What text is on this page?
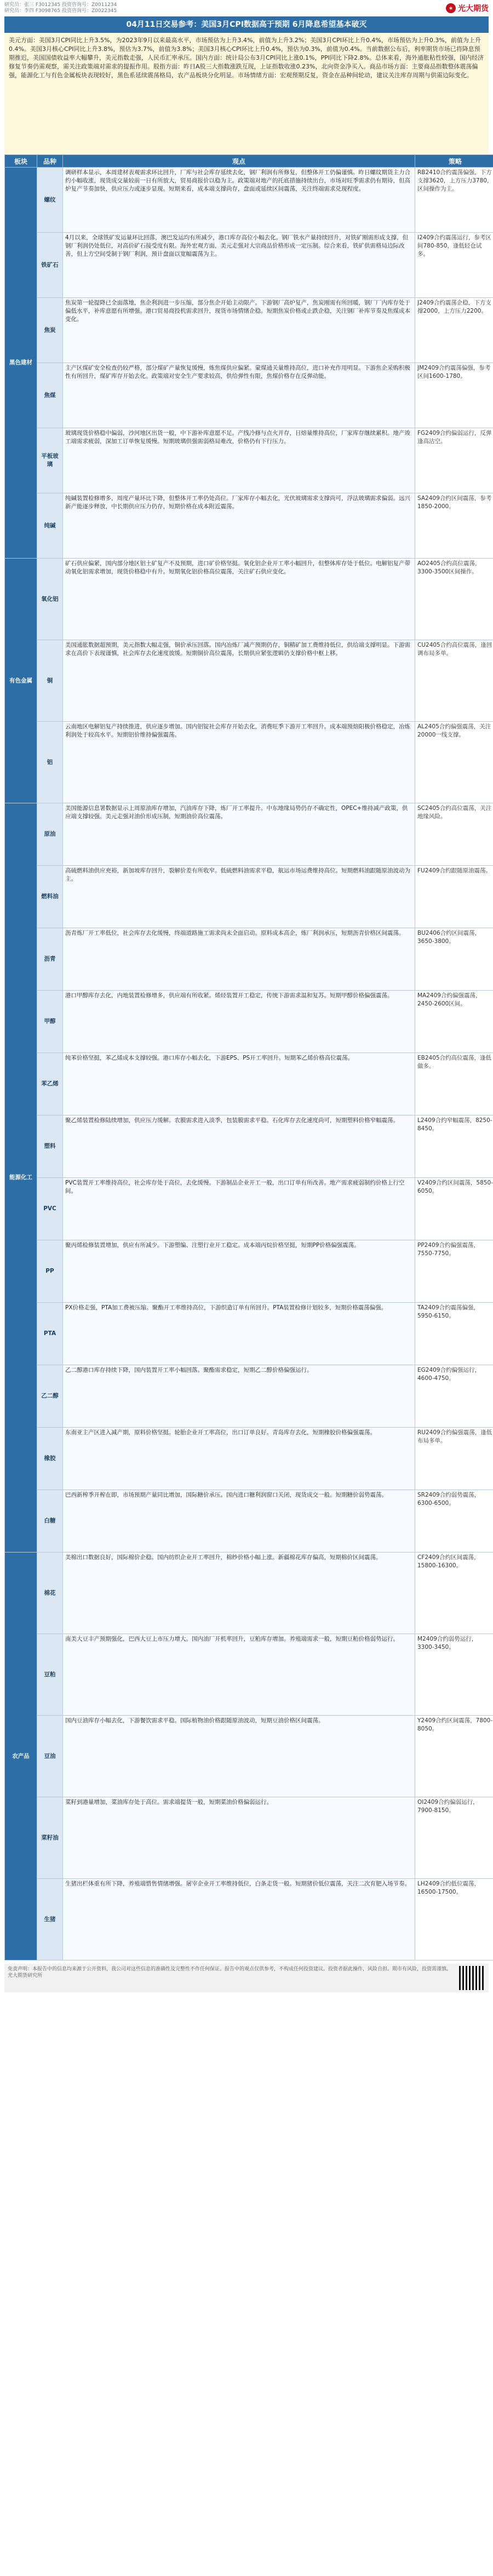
研究员：张三 F3012345 投资咨询号：Z0011234
研究员：李四 F3098765 投资咨询号：Z0022345	✶ 光大期货
04月11日交易参考：美国3月CPI数据高于预期 6月降息希望基本破灭
美元方面：美国3月CPI同比上升3.5%，为2023年9月以来最高水平，市场预估为上升3.4%，前值为上升3.2%；美国3月CPI环比上升0.4%，市场预估为上升0.3%，前值为上升0.4%。美国3月核心CPI同比上升3.8%，预估为3.7%，前值为3.8%；美国3月核心CPI环比上升0.4%，预估为0.3%，前值为0.4%。当前数据公布后，利率期货市场已将降息预期推迟，美国国债收益率大幅攀升，美元指数走强，人民币汇率承压。国内方面：统计局公布3月CPI同比上涨0.1%，PPI同比下降2.8%。总体来看，海外通胀粘性较强，国内经济修复节奏仍需观察，需关注政策端对需求的提振作用。股指方面：昨日A股三大指数涨跌互现，上证指数收涨0.23%，北向资金净买入。商品市场方面：主要商品指数整体震荡偏强，能源化工与有色金属板块表现较好，黑色系延续震荡格局，农产品板块分化明显。市场情绪方面：宏观预期反复，资金在品种间轮动，建议关注库存周期与供需边际变化。
板块	品种	观点	策略
黑色建材	螺纹	调研样本显示，本周建材表观需求环比回升，厂库与社会库存延续去化，钢厂利润有所修复，但整体开工仍偏谨慎。昨日螺纹期货主力合约小幅收涨，现货成交量较前一日有所放大，贸易商报价以稳为主。政策端对地产的托底措施持续出台，市场对旺季需求仍有期待，但高炉复产节奏加快，供应压力或逐步显现。短期来看，成本端支撑尚存，盘面或延续区间震荡，关注终端需求兑现程度。	RB2410合约震荡偏强，下方支撑3620，上方压力3780，区间操作为主。

	铁矿石	4月以来，全球铁矿发运量环比回落，澳巴发运均有所减少，港口库存高位小幅去化。钢厂铁水产量持续回升，对铁矿刚需形成支撑，但钢厂利润仍处低位，对高价矿石接受度有限。海外宏观方面，美元走强对大宗商品价格形成一定压制。综合来看，铁矿供需格局边际改善，但上方空间受制于钢厂利润，预计盘面以宽幅震荡为主。	I2409合约震荡运行，参考区间780-850，逢低轻仓试多。

	焦炭	焦炭第一轮提降已全面落地，焦企利润进一步压缩，部分焦企开始主动限产。下游钢厂高炉复产，焦炭刚需有所回暖，钢厂厂内库存处于偏低水平，补库意愿有所增强。港口贸易商投机需求回升，现货市场情绪企稳。短期焦炭价格或止跌企稳，关注钢厂补库节奏及焦煤成本变化。	J2409合约震荡企稳，下方支撑2000，上方压力2200。

	焦煤	主产区煤矿安全检查仍较严格，部分煤矿产量恢复缓慢，炼焦煤供应偏紧。蒙煤通关量维持高位，进口补充作用明显。下游焦企采购积极性有所回升，煤矿库存开始去化。政策端对安全生产要求较高，供给弹性有限，焦煤价格存在反弹动能。	JM2409合约震荡偏强，参考区间1600-1780。

	平板玻璃	玻璃现货价格稳中偏弱，沙河地区出货一般，中下游补库意愿不足。产线冷修与点火并存，日熔量维持高位，厂家库存继续累积。地产竣工端需求疲弱，深加工订单恢复缓慢。短期玻璃供强需弱格局难改，价格仍有下行压力。	FG2409合约偏弱运行，反弹逢高沽空。

	纯碱	纯碱装置检修增多，周度产量环比下降，但整体开工率仍处高位。厂家库存小幅去化，光伏玻璃需求支撑尚可，浮法玻璃需求偏弱。远兴新产能逐步释放，中长期供应压力仍存，短期价格在成本附近震荡。	SA2409合约区间震荡，参考1850-2000。

有色金属	氧化铝	矿石供应偏紧，国内部分地区铝土矿复产不及预期，进口矿价格坚挺。氧化铝企业开工率小幅回升，但整体库存处于低位。电解铝复产带动氧化铝需求增加，现货价格稳中有升。短期氧化铝价格高位震荡，关注矿石供应变化。	AO2405合约高位震荡，3300-3500区间操作。

	铜	美国通胀数据超预期，美元指数大幅走强，铜价承压回落。国内冶炼厂减产预期仍存，铜精矿加工费维持低位，供给端支撑明显。下游需求在高价下表现谨慎，社会库存去化速度放缓。短期铜价高位震荡，长期供应紧张逻辑仍支撑价格中枢上移。	CU2405合约高位震荡，逢回调布局多单。

	铝	云南地区电解铝复产持续推进，供应逐步增加。国内铝锭社会库存开始去化，消费旺季下游开工率回升。成本端预焙阳极价格稳定，冶炼利润处于较高水平。短期铝价维持偏强震荡。	AL2405合约偏强震荡，关注20000一线支撑。

能源化工	原油	美国能源信息署数据显示上周原油库存增加，汽油库存下降，炼厂开工率提升。中东地缘局势仍存不确定性，OPEC+维持减产政策，供应端支撑较强。美元走强对油价形成压制，短期油价高位震荡。	SC2405合约高位震荡，关注地缘风险。

	燃料油	高硫燃料油供应充裕，新加坡库存回升，裂解价差有所收窄。低硫燃料油需求平稳，航运市场运费维持高位。短期燃料油跟随原油波动为主。	FU2409合约跟随原油震荡。

	沥青	沥青炼厂开工率低位，社会库存去化缓慢，终端道路施工需求尚未全面启动。原料成本高企，炼厂利润承压，短期沥青价格区间震荡。	BU2406合约区间震荡，3650-3800。

	甲醇	港口甲醇库存去化，内地装置检修增多，供应端有所收紧。烯烃装置开工稳定，传统下游需求温和复苏。短期甲醇价格偏强震荡。	MA2409合约偏强震荡，2450-2600区间。

	苯乙烯	纯苯价格坚挺，苯乙烯成本支撑较强。港口库存小幅去化，下游EPS、PS开工率回升。短期苯乙烯价格高位震荡。	EB2405合约高位震荡，逢低做多。

	塑料	聚乙烯装置检修陆续增加，供应压力缓解。农膜需求进入淡季，包装膜需求平稳。石化库存去化速度尚可，短期塑料价格窄幅震荡。	L2409合约窄幅震荡，8250-8450。

	PVC	PVC装置开工率维持高位，社会库存处于高位，去化缓慢。下游制品企业开工一般，出口订单有所改善。地产需求疲弱制约价格上行空间。	V2409合约区间震荡，5850-6050。

	PP	聚丙烯检修装置增加，供应有所减少。下游塑编、注塑行业开工稳定。成本端丙烷价格坚挺，短期PP价格偏强震荡。	PP2409合约偏强震荡，7550-7750。

	PTA	PX价格走强，PTA加工费被压缩。聚酯开工率维持高位，下游织造订单有所回升。PTA装置检修计划较多，短期价格震荡偏强。	TA2409合约震荡偏强，5950-6150。

	乙二醇	乙二醇港口库存持续下降，国内装置开工率小幅回落。聚酯需求稳定，短期乙二醇价格偏强运行。	EG2409合约偏强运行，4600-4750。

	橡胶	东南亚主产区进入减产期，原料价格坚挺。轮胎企业开工率高位，出口订单良好。青岛库存去化，短期橡胶价格偏强震荡。	RU2409合约偏强震荡，逢低布局多单。

	白糖	巴西新榨季开榨在即，市场预期产量同比增加，国际糖价承压。国内进口糖利润窗口关闭，现货成交一般。短期糖价弱势震荡。	SR2409合约弱势震荡，6300-6500。

农产品	棉花	美棉出口数据良好，国际棉价企稳。国内纺织企业开工率回升，棉纱价格小幅上涨。新疆棉花库存偏高，短期棉价区间震荡。	CF2409合约区间震荡，15800-16300。

	豆粕	南美大豆丰产预期强化，巴西大豆上市压力增大。国内油厂开机率回升，豆粕库存增加。养殖端需求一般，短期豆粕价格弱势运行。	M2409合约弱势运行，3300-3450。

	豆油	国内豆油库存小幅去化，下游餐饮需求平稳。国际植物油价格跟随原油波动，短期豆油价格区间震荡。	Y2409合约区间震荡，7800-8050。

	菜籽油	菜籽到港量增加，菜油库存处于高位。需求端提货一般，短期菜油价格偏弱运行。	OI2409合约偏弱运行，7900-8150。

	生猪	生猪出栏体重有所下降，养殖端惜售情绪增强。屠宰企业开工率维持低位，白条走货一般。短期猪价低位震荡，关注二次育肥入场节奏。	LH2409合约低位震荡，16500-17500。
免责声明：本报告中的信息均来源于公开资料，我公司对这些信息的准确性及完整性不作任何保证。报告中的观点仅供参考，不构成任何投资建议。投资者据此操作，风险自担。期市有风险，投资需谨慎。
光大期货研究所
